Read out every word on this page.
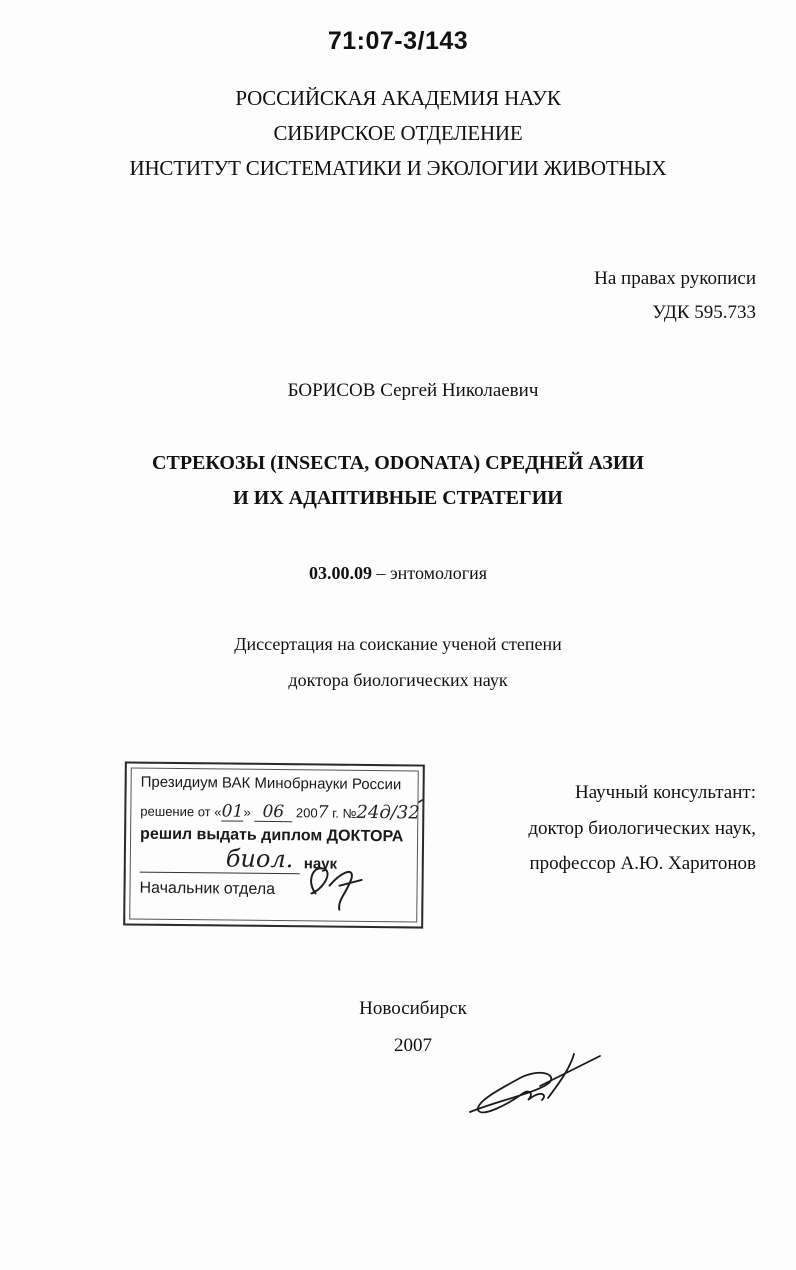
71:07-3/143
РОССИЙСКАЯ АКАДЕМИЯ НАУК
СИБИРСКОЕ ОТДЕЛЕНИЕ
ИНСТИТУТ СИСТЕМАТИКИ И ЭКОЛОГИИ ЖИВОТНЫХ
На правах рукописи
УДК 595.733
БОРИСОВ Сергей Николаевич
СТРЕКОЗЫ (INSECTA, ODONATA) СРЕДНЕЙ АЗИИ
И ИХ АДАПТИВНЫЕ СТРАТЕГИИ
03.00.09 – энтомология
Диссертация на соискание ученой степени
доктора биологических наук
Президиум ВАК Минобрнауки России
решение от «01» 06 2007 г. №24д/32
решил выдать диплом ДОКТОРА
биол. наук
Начальник отдела
Научный консультант:
доктор биологических наук,
профессор А.Ю. Харитонов
Новосибирск
2007
